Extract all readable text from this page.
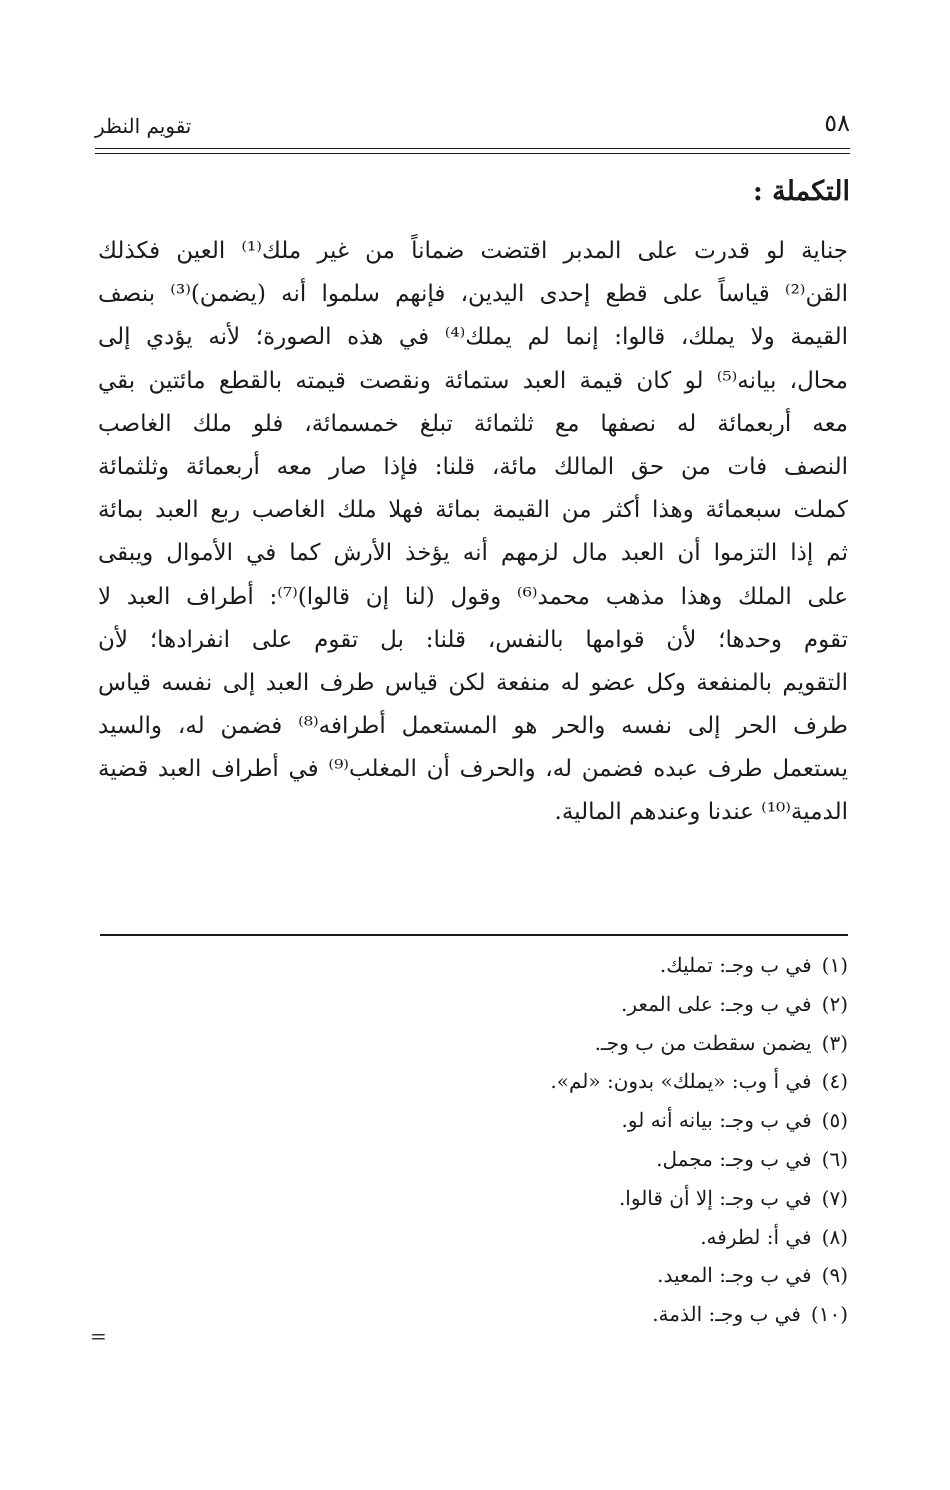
٥٨
تقويم النظر
التكملة :
جناية لو قدرت على المدبر اقتضت ضماناً من غير ملك⁽¹⁾ العين فكذلك
القن⁽²⁾ قياساً على قطع إحدى اليدين، فإنهم سلموا أنه (يضمن)⁽³⁾ بنصف
القيمة ولا يملك، قالوا: إنما لم يملك⁽⁴⁾ في هذه الصورة؛ لأنه يؤدي إلى
محال، بيانه⁽⁵⁾ لو كان قيمة العبد ستمائة ونقصت قيمته بالقطع مائتين بقي
معه أربعمائة له نصفها مع ثلثمائة تبلغ خمسمائة، فلو ملك الغاصب
النصف فات من حق المالك مائة، قلنا: فإذا صار معه أربعمائة وثلثمائة
كملت سبعمائة وهذا أكثر من القيمة بمائة فهلا ملك الغاصب ربع العبد بمائة
ثم إذا التزموا أن العبد مال لزمهم أنه يؤخذ الأرش كما في الأموال ويبقى
على الملك وهذا مذهب محمد⁽⁶⁾ وقول (لنا إن قالوا)⁽⁷⁾: أطراف العبد لا
تقوم وحدها؛ لأن قوامها بالنفس، قلنا: بل تقوم على انفرادها؛ لأن
التقويم بالمنفعة وكل عضو له منفعة لكن قياس طرف العبد إلى نفسه قياس
طرف الحر إلى نفسه والحر هو المستعمل أطرافه⁽⁸⁾ فضمن له، والسيد
يستعمل طرف عبده فضمن له، والحرف أن المغلب⁽⁹⁾ في أطراف العبد قضية
الدمية⁽¹⁰⁾ عندنا وعندهم المالية.
(١)في ب وجـ: تمليك.
(٢)في ب وجـ: على المعر.
(٣)يضمن سقطت من ب وجـ.
(٤)في أ وب: «يملك» بدون: «لم».
(٥)في ب وجـ: بيانه أنه لو.
(٦)في ب وجـ: مجمل.
(٧)في ب وجـ: إلا أن قالوا.
(٨)في أ: لطرفه.
(٩)في ب وجـ: المعيد.
(١٠)في ب وجـ: الذمة.
=
